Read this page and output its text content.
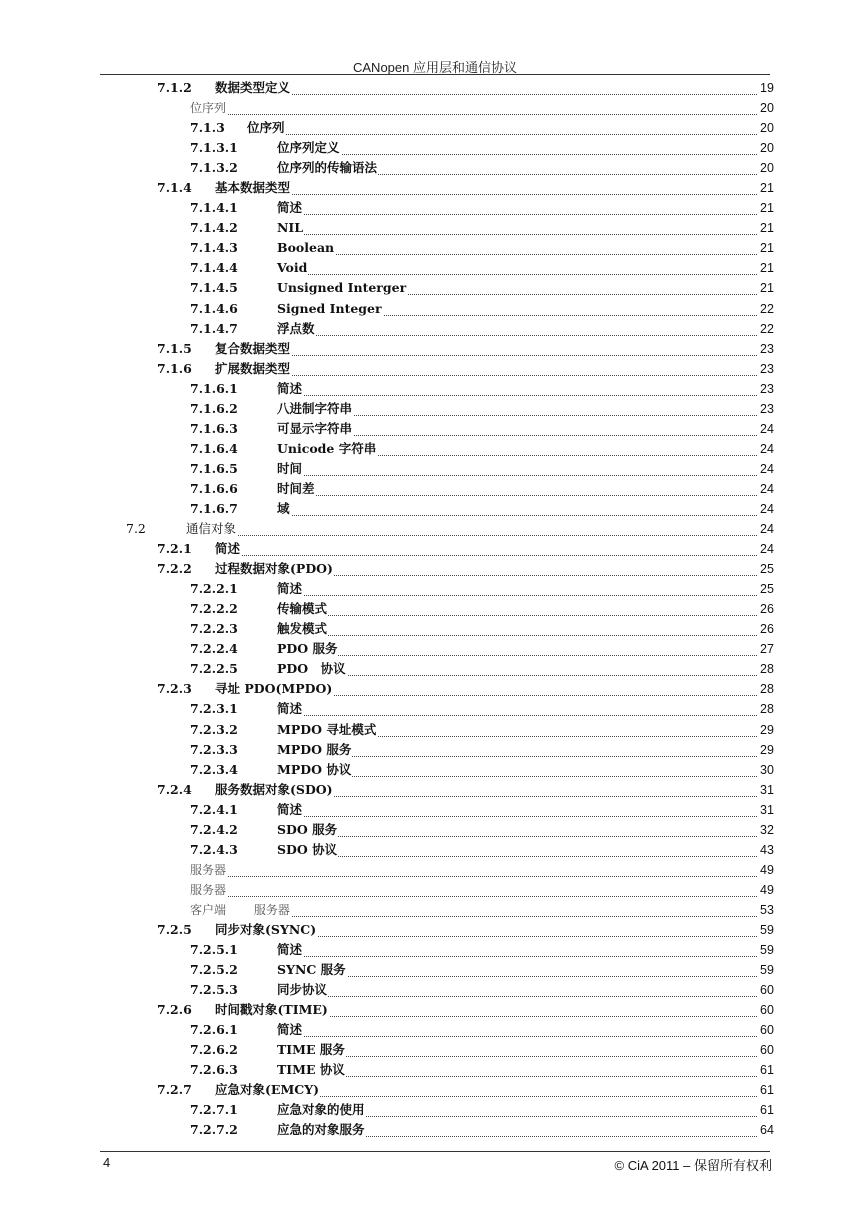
CANopen 应用层和通信协议
7.1.2 数据类型定义	19
位序列	20
7.1.3 位序列	20
7.1.3.1	位序列定义	20
7.1.3.2	位序列的传输语法	20
7.1.4 基本数据类型	21
7.1.4.1	简述	21
7.1.4.2	NIL	21
7.1.4.3	Boolean	21
7.1.4.4	Void	21
7.1.4.5	Unsigned Interger	21
7.1.4.6	Signed Integer	22
7.1.4.7	浮点数	22
7.1.5 复合数据类型	23
7.1.6 扩展数据类型	23
7.1.6.1	简述	23
7.1.6.2	八进制字符串	23
7.1.6.3	可显示字符串	24
7.1.6.4	Unicode 字符串	24
7.1.6.5	时间	24
7.1.6.6	时间差	24
7.1.6.7	域	24
7.2	通信对象	24
7.2.1 简述	24
7.2.2 过程数据对象(PDO)	25
7.2.2.1	简述	25
7.2.2.2	传输模式	26
7.2.2.3	触发模式	26
7.2.2.4	PDO 服务	27
7.2.2.5	PDO　协议	28
7.2.3 寻址 PDO(MPDO)	28
7.2.3.1	简述	28
7.2.3.2	MPDO 寻址模式	29
7.2.3.3	MPDO 服务	29
7.2.3.4	MPDO 协议	30
7.2.4 服务数据对象(SDO)	31
7.2.4.1	简述	31
7.2.4.2	SDO 服务	32
7.2.4.3	SDO 协议	43
服务器	49
服务器	49
客户端　　 服务器	53
7.2.5 同步对象(SYNC)	59
7.2.5.1	简述	59
7.2.5.2	SYNC 服务	59
7.2.5.3	同步协议	60
7.2.6 时间戳对象(TIME)	60
7.2.6.1	简述	60
7.2.6.2	TIME 服务	60
7.2.6.3	TIME 协议	61
7.2.7 应急对象(EMCY)	61
7.2.7.1	应急对象的使用	61
7.2.7.2	应急的对象服务	64
4	© CiA 2011 – 保留所有权利
